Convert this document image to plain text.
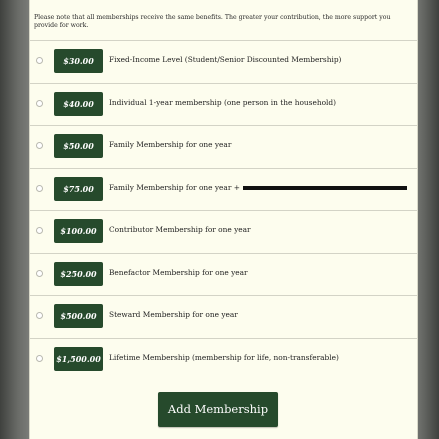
Please note that all memberships receive the same benefits. The greater your contribution, the more support you provide for work.
$30.00	Fixed-Income Level (Student/Senior Discounted Membership)
$40.00	Individual 1-year membership (one person in the household)
$50.00	Family Membership for one year
$75.00	Family Membership for one year +
$100.00	Contributor Membership for one year
$250.00	Benefactor Membership for one year
$500.00	Steward Membership for one year
$1,500.00	Lifetime Membership (membership for life, non-transferable)
Add Membership
